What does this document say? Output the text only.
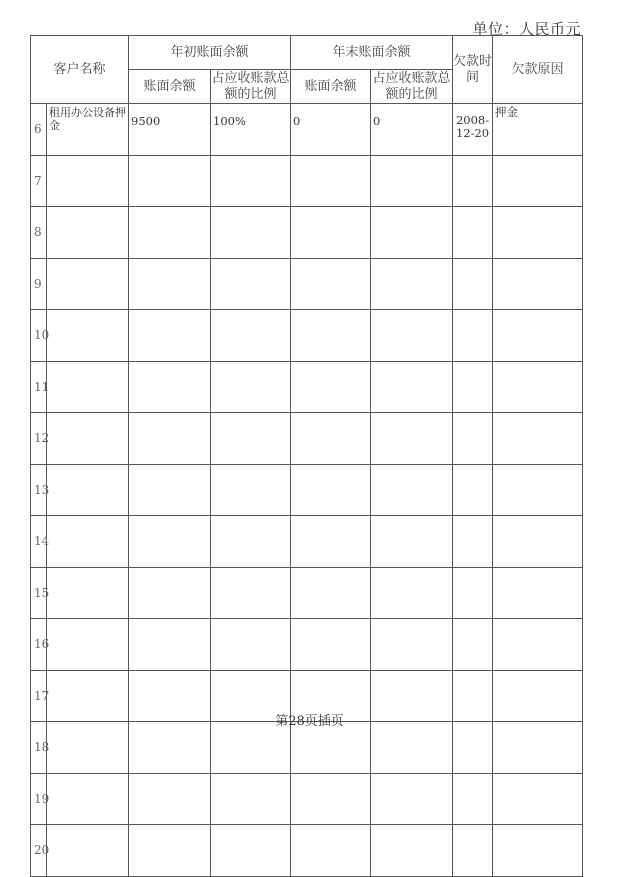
单位：人民币元
客户名称		年初账面余额		年末账面余额		欠款时间	欠款原因
		账面余额	占应收账款总额的比例	账面余额	占应收账款总额的比例		
6	租用办公设备押金	9500	100%	0	0	2008-12-20	押金
7							
8							
9							
10							
11							
12							
13							
14							
15							
16							
17							
18							
19							
20							
第28页插页
